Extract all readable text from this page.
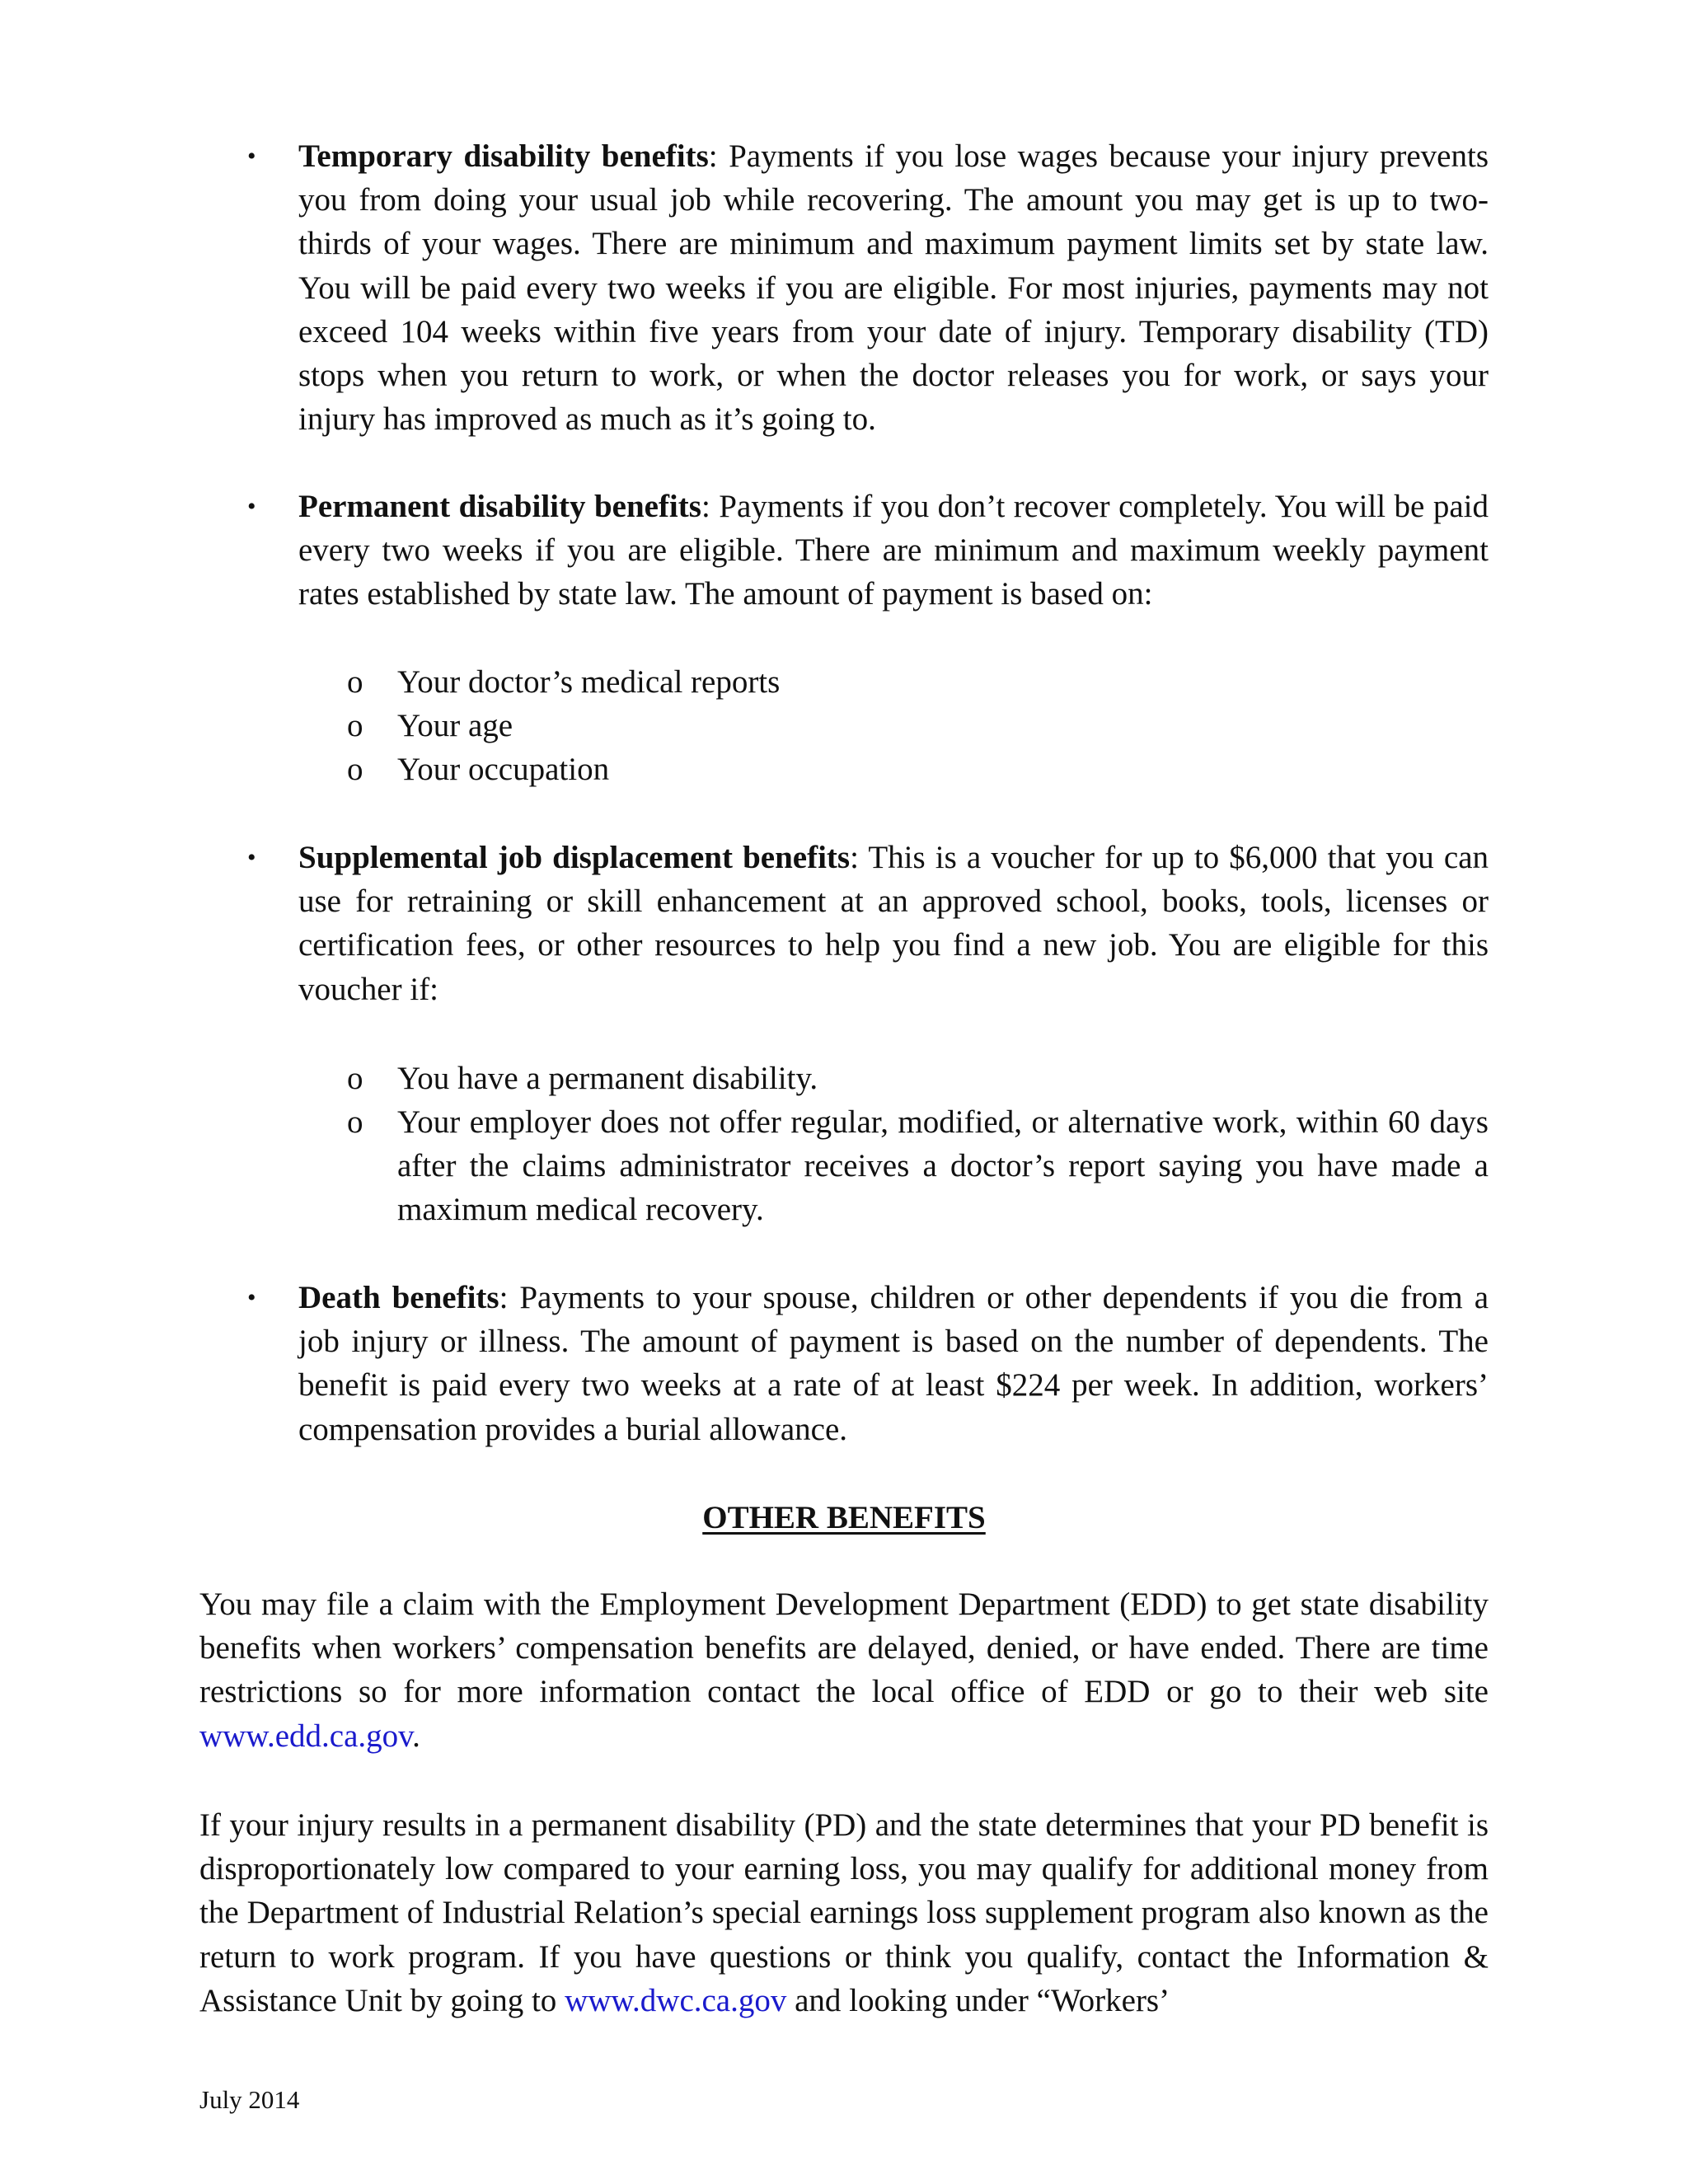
• Temporary disability benefits: Payments if you lose wages because your injury prevents you from doing your usual job while recovering. The amount you may get is up to two-thirds of your wages. There are minimum and maximum payment limits set by state law. You will be paid every two weeks if you are eligible. For most injuries, payments may not exceed 104 weeks within five years from your date of injury. Temporary disability (TD) stops when you return to work, or when the doctor releases you for work, or says your injury has improved as much as it’s going to.
• Permanent disability benefits: Payments if you don’t recover completely. You will be paid every two weeks if you are eligible. There are minimum and maximum weekly payment rates established by state law. The amount of payment is based on:
o Your doctor’s medical reports
o Your age
o Your occupation
• Supplemental job displacement benefits: This is a voucher for up to $6,000 that you can use for retraining or skill enhancement at an approved school, books, tools, licenses or certification fees, or other resources to help you find a new job. You are eligible for this voucher if:
o You have a permanent disability.
o Your employer does not offer regular, modified, or alternative work, within 60 days after the claims administrator receives a doctor’s report saying you have made a maximum medical recovery.
• Death benefits: Payments to your spouse, children or other dependents if you die from a job injury or illness. The amount of payment is based on the number of dependents. The benefit is paid every two weeks at a rate of at least $224 per week. In addition, workers’ compensation provides a burial allowance.
OTHER BENEFITS
You may file a claim with the Employment Development Department (EDD) to get state disability benefits when workers’ compensation benefits are delayed, denied, or have ended. There are time restrictions so for more information contact the local office of EDD or go to their web site www.edd.ca.gov.
If your injury results in a permanent disability (PD) and the state determines that your PD benefit is disproportionately low compared to your earning loss, you may qualify for additional money from the Department of Industrial Relation’s special earnings loss supplement program also known as the return to work program. If you have questions or think you qualify, contact the Information & Assistance Unit by going to www.dwc.ca.gov and looking under “Workers’
July 2014
